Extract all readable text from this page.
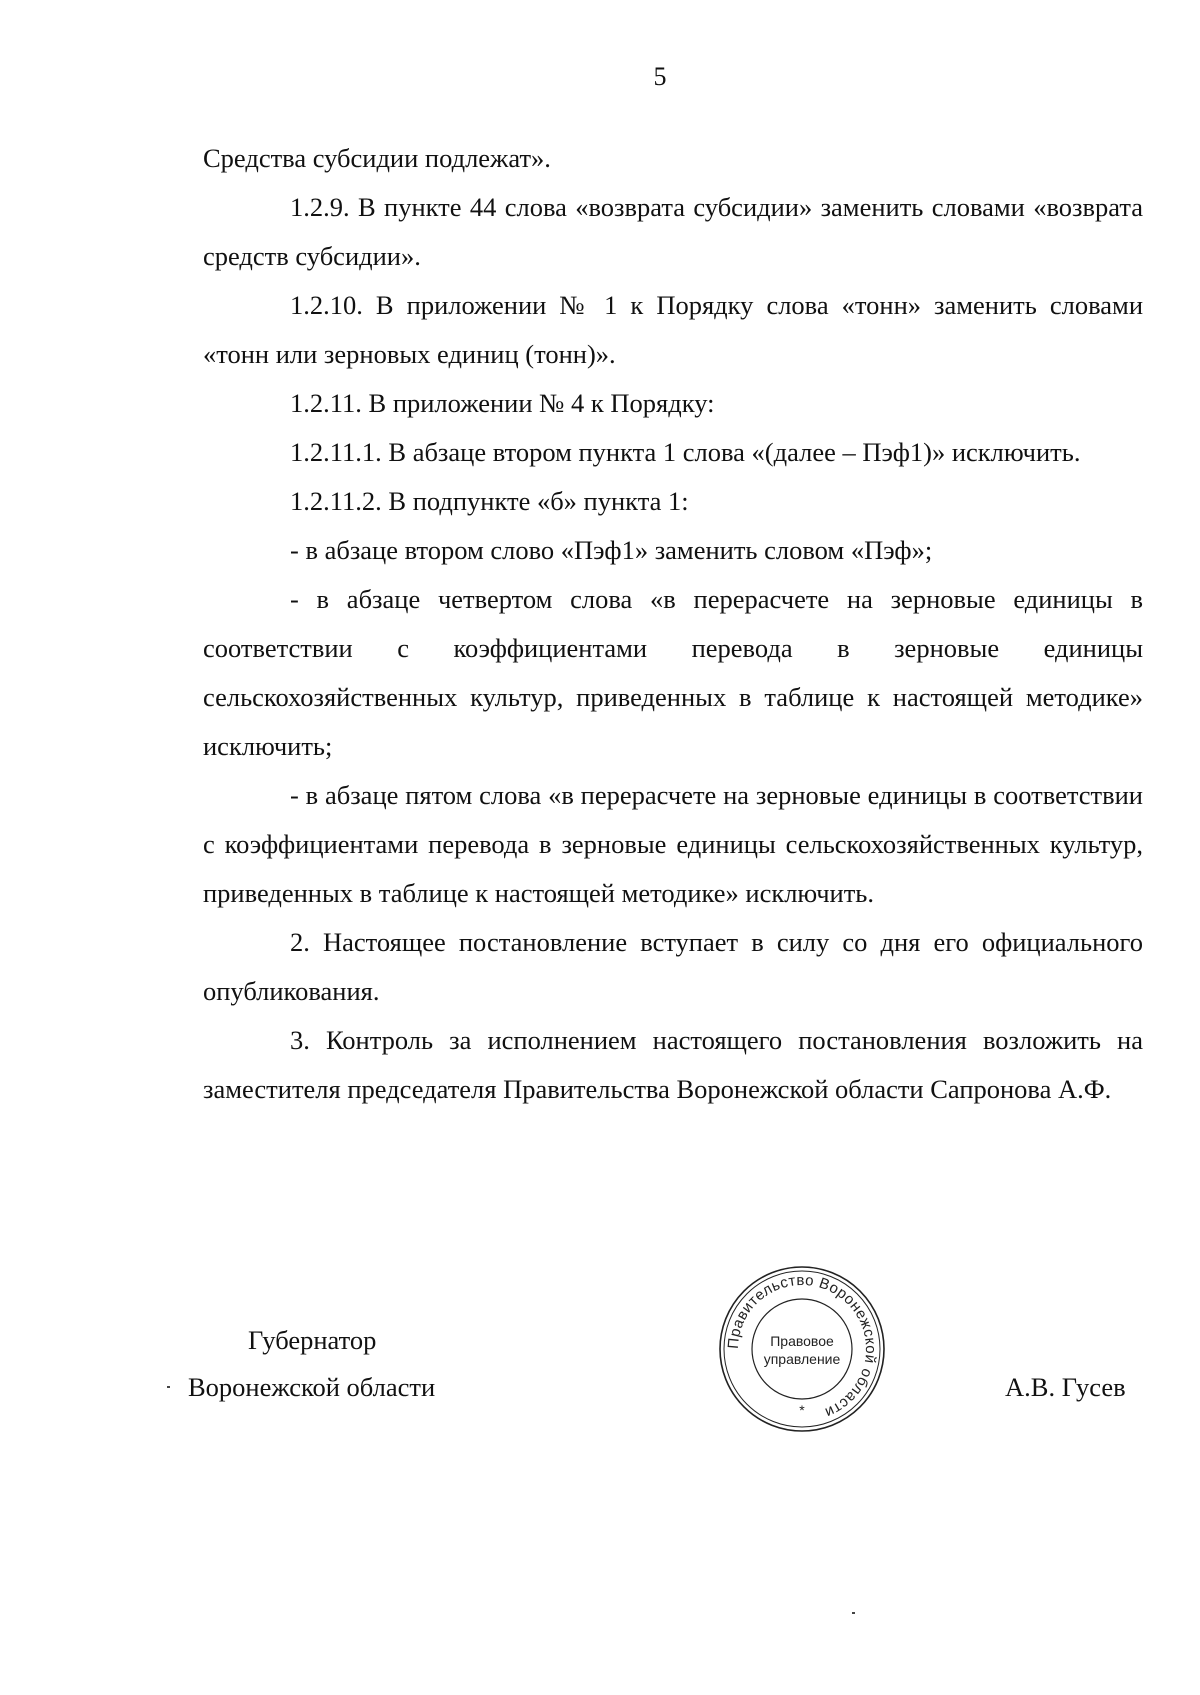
5

Средства субсидии подлежат».

1.2.9. В пункте 44 слова «возврата субсидии» заменить словами «возврата средств субсидии».

1.2.10. В приложении № 1 к Порядку слова «тонн» заменить словами «тонн или зерновых единиц (тонн)».

1.2.11. В приложении № 4 к Порядку:

1.2.11.1. В абзаце втором пункта 1 слова «(далее – Пэф1)» исключить.

1.2.11.2. В подпункте «б» пункта 1:

- в абзаце втором слово «Пэф1» заменить словом «Пэф»;

- в абзаце четвертом слова «в перерасчете на зерновые единицы в соответствии с коэффициентами перевода в зерновые единицы сельскохозяйственных культур, приведенных в таблице к настоящей методике» исключить;

- в абзаце пятом слова «в перерасчете на зерновые единицы в соответствии с коэффициентами перевода в зерновые единицы сельскохозяйственных культур, приведенных в таблице к настоящей методике» исключить.

2. Настоящее постановление вступает в силу со дня его официального опубликования.

3. Контроль за исполнением настоящего постановления возложить на заместителя председателя Правительства Воронежской области Сапронова А.Ф.

Губернатор
Воронежской области	А.В. Гусев
Правительство Воронежской области
Правовое
управление
*
